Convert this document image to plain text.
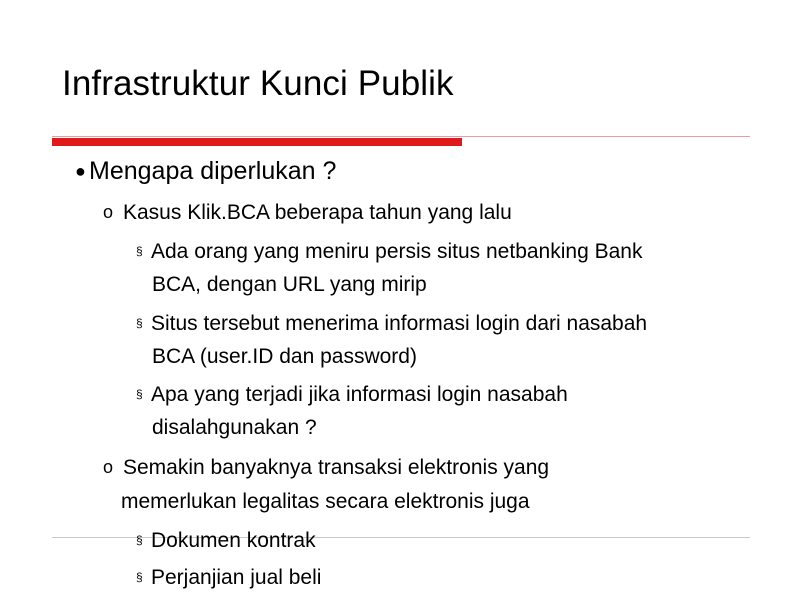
Infrastruktur Kunci Publik
● Mengapa diperlukan ?
o Kasus Klik.BCA beberapa tahun yang lalu
§ Ada orang yang meniru persis situs netbanking Bank
BCA, dengan URL yang mirip
§ Situs tersebut menerima informasi login dari nasabah
BCA (user.ID dan password)
§ Apa yang terjadi jika informasi login nasabah
disalahgunakan ?
o Semakin banyaknya transaksi elektronis yang
memerlukan legalitas secara elektronis juga
§ Dokumen kontrak
§ Perjanjian jual beli
